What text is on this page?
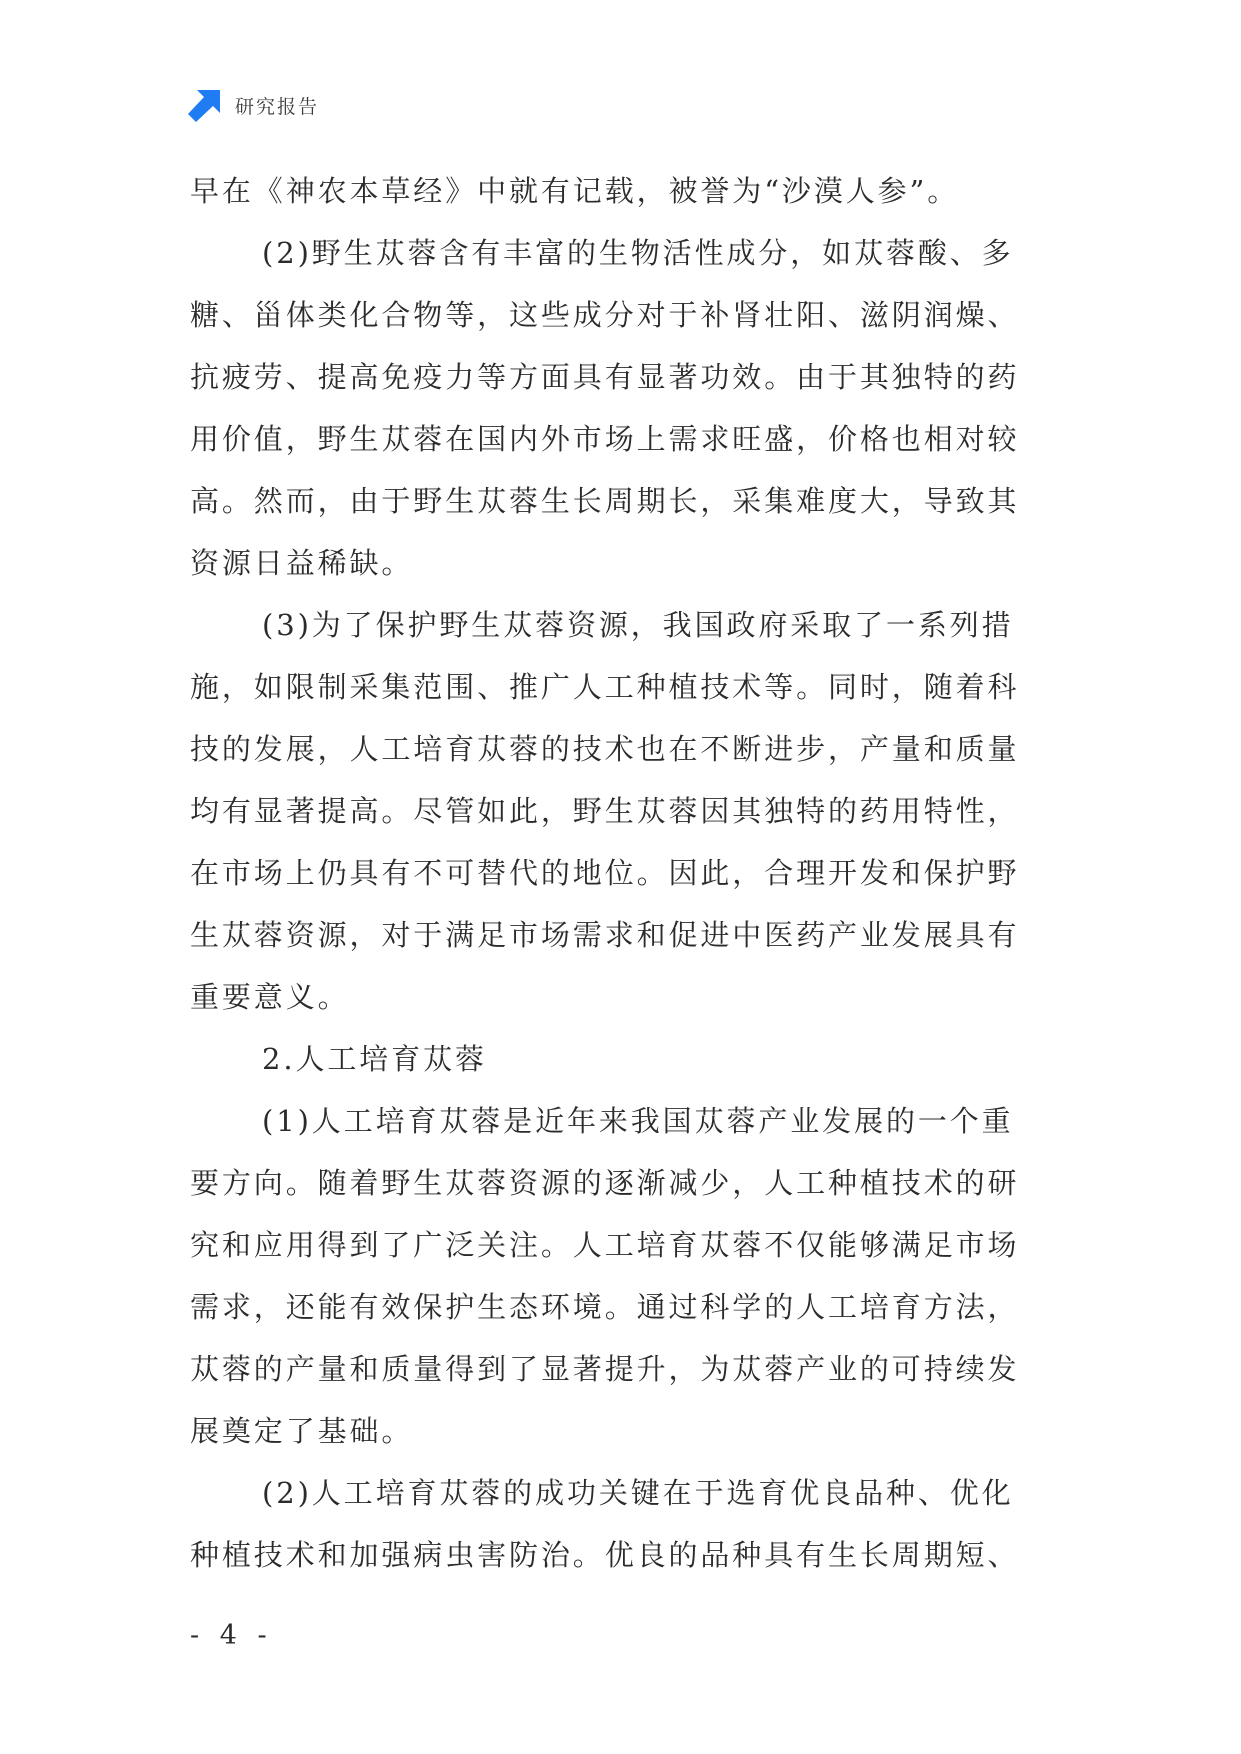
研究报告
早在《神农本草经》中就有记载，被誉为“沙漠人参”。
(2)野生苁蓉含有丰富的生物活性成分，如苁蓉酸、多
糖、甾体类化合物等，这些成分对于补肾壮阳、滋阴润燥、
抗疲劳、提高免疫力等方面具有显著功效。由于其独特的药
用价值，野生苁蓉在国内外市场上需求旺盛，价格也相对较
高。然而，由于野生苁蓉生长周期长，采集难度大，导致其
资源日益稀缺。
(3)为了保护野生苁蓉资源，我国政府采取了一系列措
施，如限制采集范围、推广人工种植技术等。同时，随着科
技的发展，人工培育苁蓉的技术也在不断进步，产量和质量
均有显著提高。尽管如此，野生苁蓉因其独特的药用特性，
在市场上仍具有不可替代的地位。因此，合理开发和保护野
生苁蓉资源，对于满足市场需求和促进中医药产业发展具有
重要意义。
2.人工培育苁蓉
(1)人工培育苁蓉是近年来我国苁蓉产业发展的一个重
要方向。随着野生苁蓉资源的逐渐减少，人工种植技术的研
究和应用得到了广泛关注。人工培育苁蓉不仅能够满足市场
需求，还能有效保护生态环境。通过科学的人工培育方法，
苁蓉的产量和质量得到了显著提升，为苁蓉产业的可持续发
展奠定了基础。
(2)人工培育苁蓉的成功关键在于选育优良品种、优化
种植技术和加强病虫害防治。优良的品种具有生长周期短、
- 4 -
